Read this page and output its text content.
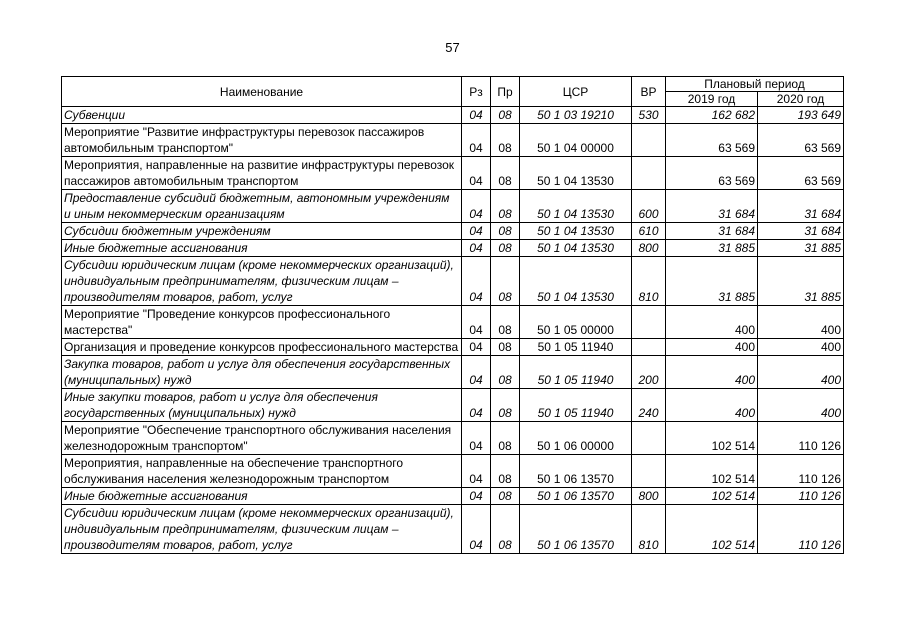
57
Наименование	Рз	Пр	ЦСР	ВР	Плановый период	
					2019 год	2020 год
Субвенции	04	08	50 1 03 19210	530	162 682	193 649
Мероприятие "Развитие инфраструктуры перевозок пассажиров автомобильным транспортом"	04	08	50 1 04 00000		63 569	63 569
Мероприятия, направленные на развитие инфраструктуры перевозок пассажиров автомобильным транспортом	04	08	50 1 04 13530		63 569	63 569
Предоставление субсидий бюджетным, автономным учреждениям и иным некоммерческим организациям	04	08	50 1 04 13530	600	31 684	31 684
Субсидии бюджетным учреждениям	04	08	50 1 04 13530	610	31 684	31 684
Иные бюджетные ассигнования	04	08	50 1 04 13530	800	31 885	31 885
Субсидии юридическим лицам (кроме некоммерческих организаций), индивидуальным предпринимателям, физическим лицам – производителям товаров, работ, услуг	04	08	50 1 04 13530	810	31 885	31 885
Мероприятие "Проведение конкурсов профессионального мастерства"	04	08	50 1 05 00000		400	400
Организация и проведение конкурсов профессионального мастерства	04	08	50 1 05 11940		400	400
Закупка товаров, работ и услуг для обеспечения государственных (муниципальных) нужд	04	08	50 1 05 11940	200	400	400
Иные закупки товаров, работ и услуг для обеспечения государственных (муниципальных) нужд	04	08	50 1 05 11940	240	400	400
Мероприятие "Обеспечение транспортного обслуживания населения железнодорожным транспортом"	04	08	50 1 06 00000		102 514	110 126
Мероприятия, направленные на обеспечение транспортного обслуживания населения железнодорожным транспортом	04	08	50 1 06 13570		102 514	110 126
Иные бюджетные ассигнования	04	08	50 1 06 13570	800	102 514	110 126
Субсидии юридическим лицам (кроме некоммерческих организаций), индивидуальным предпринимателям, физическим лицам – производителям товаров, работ, услуг	04	08	50 1 06 13570	810	102 514	110 126
